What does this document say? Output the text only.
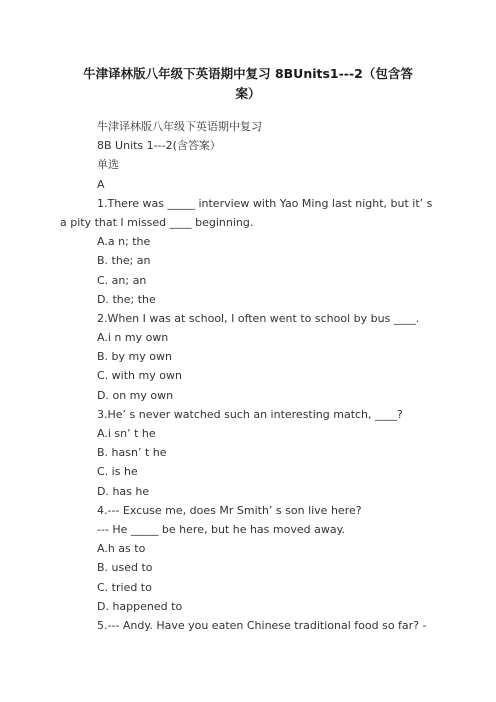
牛津译林版八年级下英语期中复习 8BUnits1---2（包含答
案）
牛津译林版八年级下英语期中复习
8B Units 1---2(含答案）
单选
A
1.There was _____ interview with Yao Ming last night, but it’ s
a pity that I missed ____ beginning.
A.a n; the
B. the; an
C. an; an
D. the; the
2.When I was at school, I often went to school by bus ____.
A.i n my own
B. by my own
C. with my own
D. on my own
3.He’ s never watched such an interesting match, ____?
A.i sn’ t he
B. hasn’ t he
C. is he
D. has he
4.--- Excuse me, does Mr Smith’ s son live here?
--- He _____ be here, but he has moved away.
A.h as to
B. used to
C. tried to
D. happened to
5.--- Andy. Have you eaten Chinese traditional food so far? -
